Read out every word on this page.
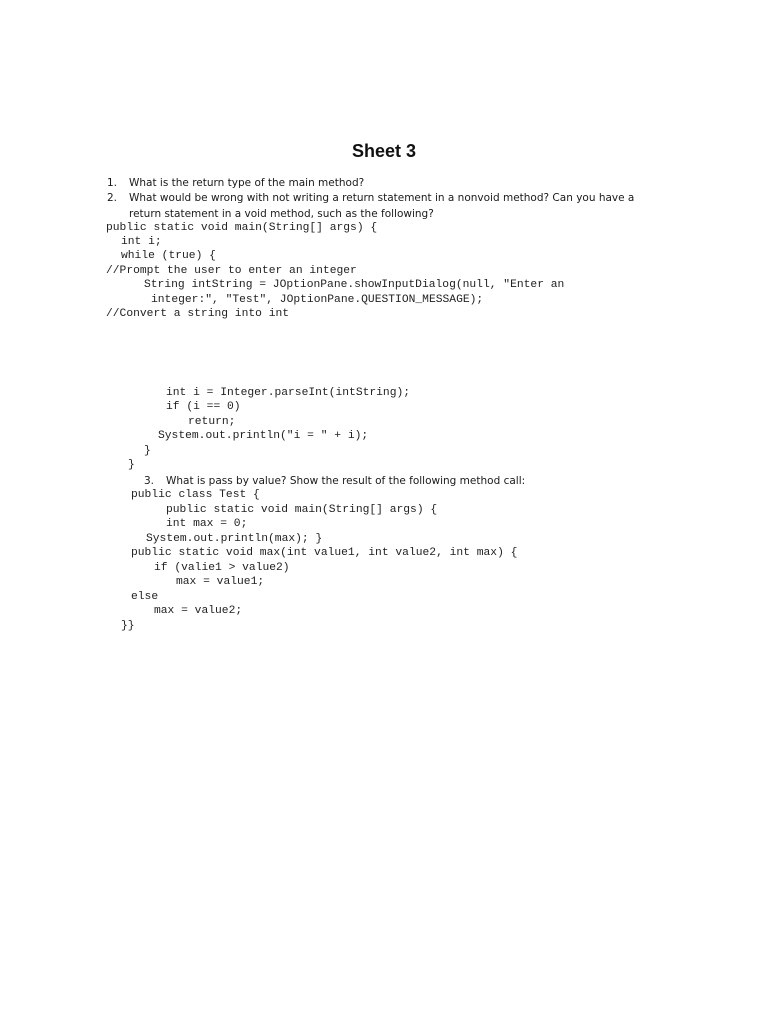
Sheet 3
1. What is the return type of the main method?
2. What would be wrong with not writing a return statement in a nonvoid method? Can you have a
return statement in a void method, such as the following?
public static void main(String[] args) {
int i;
while (true) {
//Prompt the user to enter an integer
String intString = JOptionPane.showInputDialog(null, "Enter an
integer:", "Test", JOptionPane.QUESTION_MESSAGE);
//Convert a string into int
int i = Integer.parseInt(intString);
if (i == 0)
return;
System.out.println("i = " + i);
}
}
3. What is pass by value? Show the result of the following method call:
public class Test {
public static void main(String[] args) {
int max = 0;
System.out.println(max); }
public static void max(int value1, int value2, int max) {
if (valie1 > value2)
max = value1;
else
max = value2;
}}
